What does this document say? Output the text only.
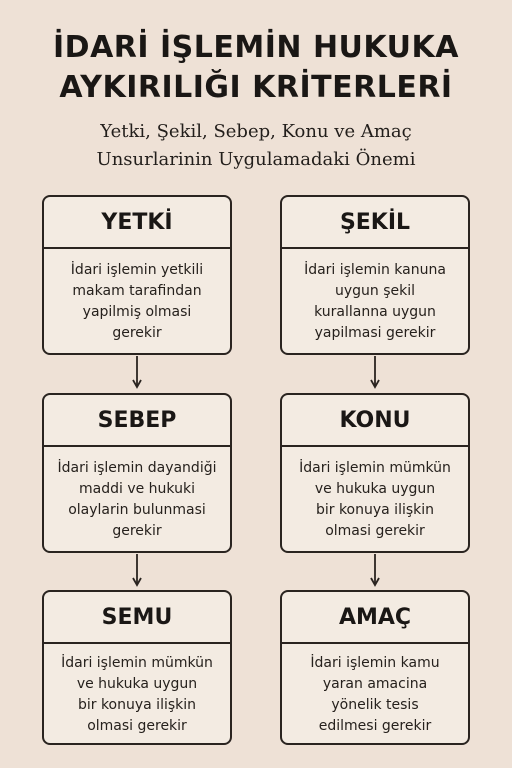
İDARİ İŞLEMİN HUKUKA
AYKIRILIĞI KRİTERLERİ
Yetki, Şekil, Sebep, Konu ve Amaç
Unsurlarinin Uygulamadaki Önemi
YETKİ
İdari işlemin yetkili
makam tarafindan
yapilmiş olmasi
gerekir
ŞEKİL
İdari işlemin kanuna
uygun şekil
kurallanna uygun
yapilmasi gerekir
SEBEP
İdari işlemin dayandiği
maddi ve hukuki
olaylarin bulunmasi
gerekir
KONU
İdari işlemin mümkün
ve hukuka uygun
bir konuya ilişkin
olmasi gerekir
SEMU
İdari işlemin mümkün
ve hukuka uygun
bir konuya ilişkin
olmasi gerekir
AMAÇ
İdari işlemin kamu
yaran amacina
yönelik tesis
edilmesi gerekir
